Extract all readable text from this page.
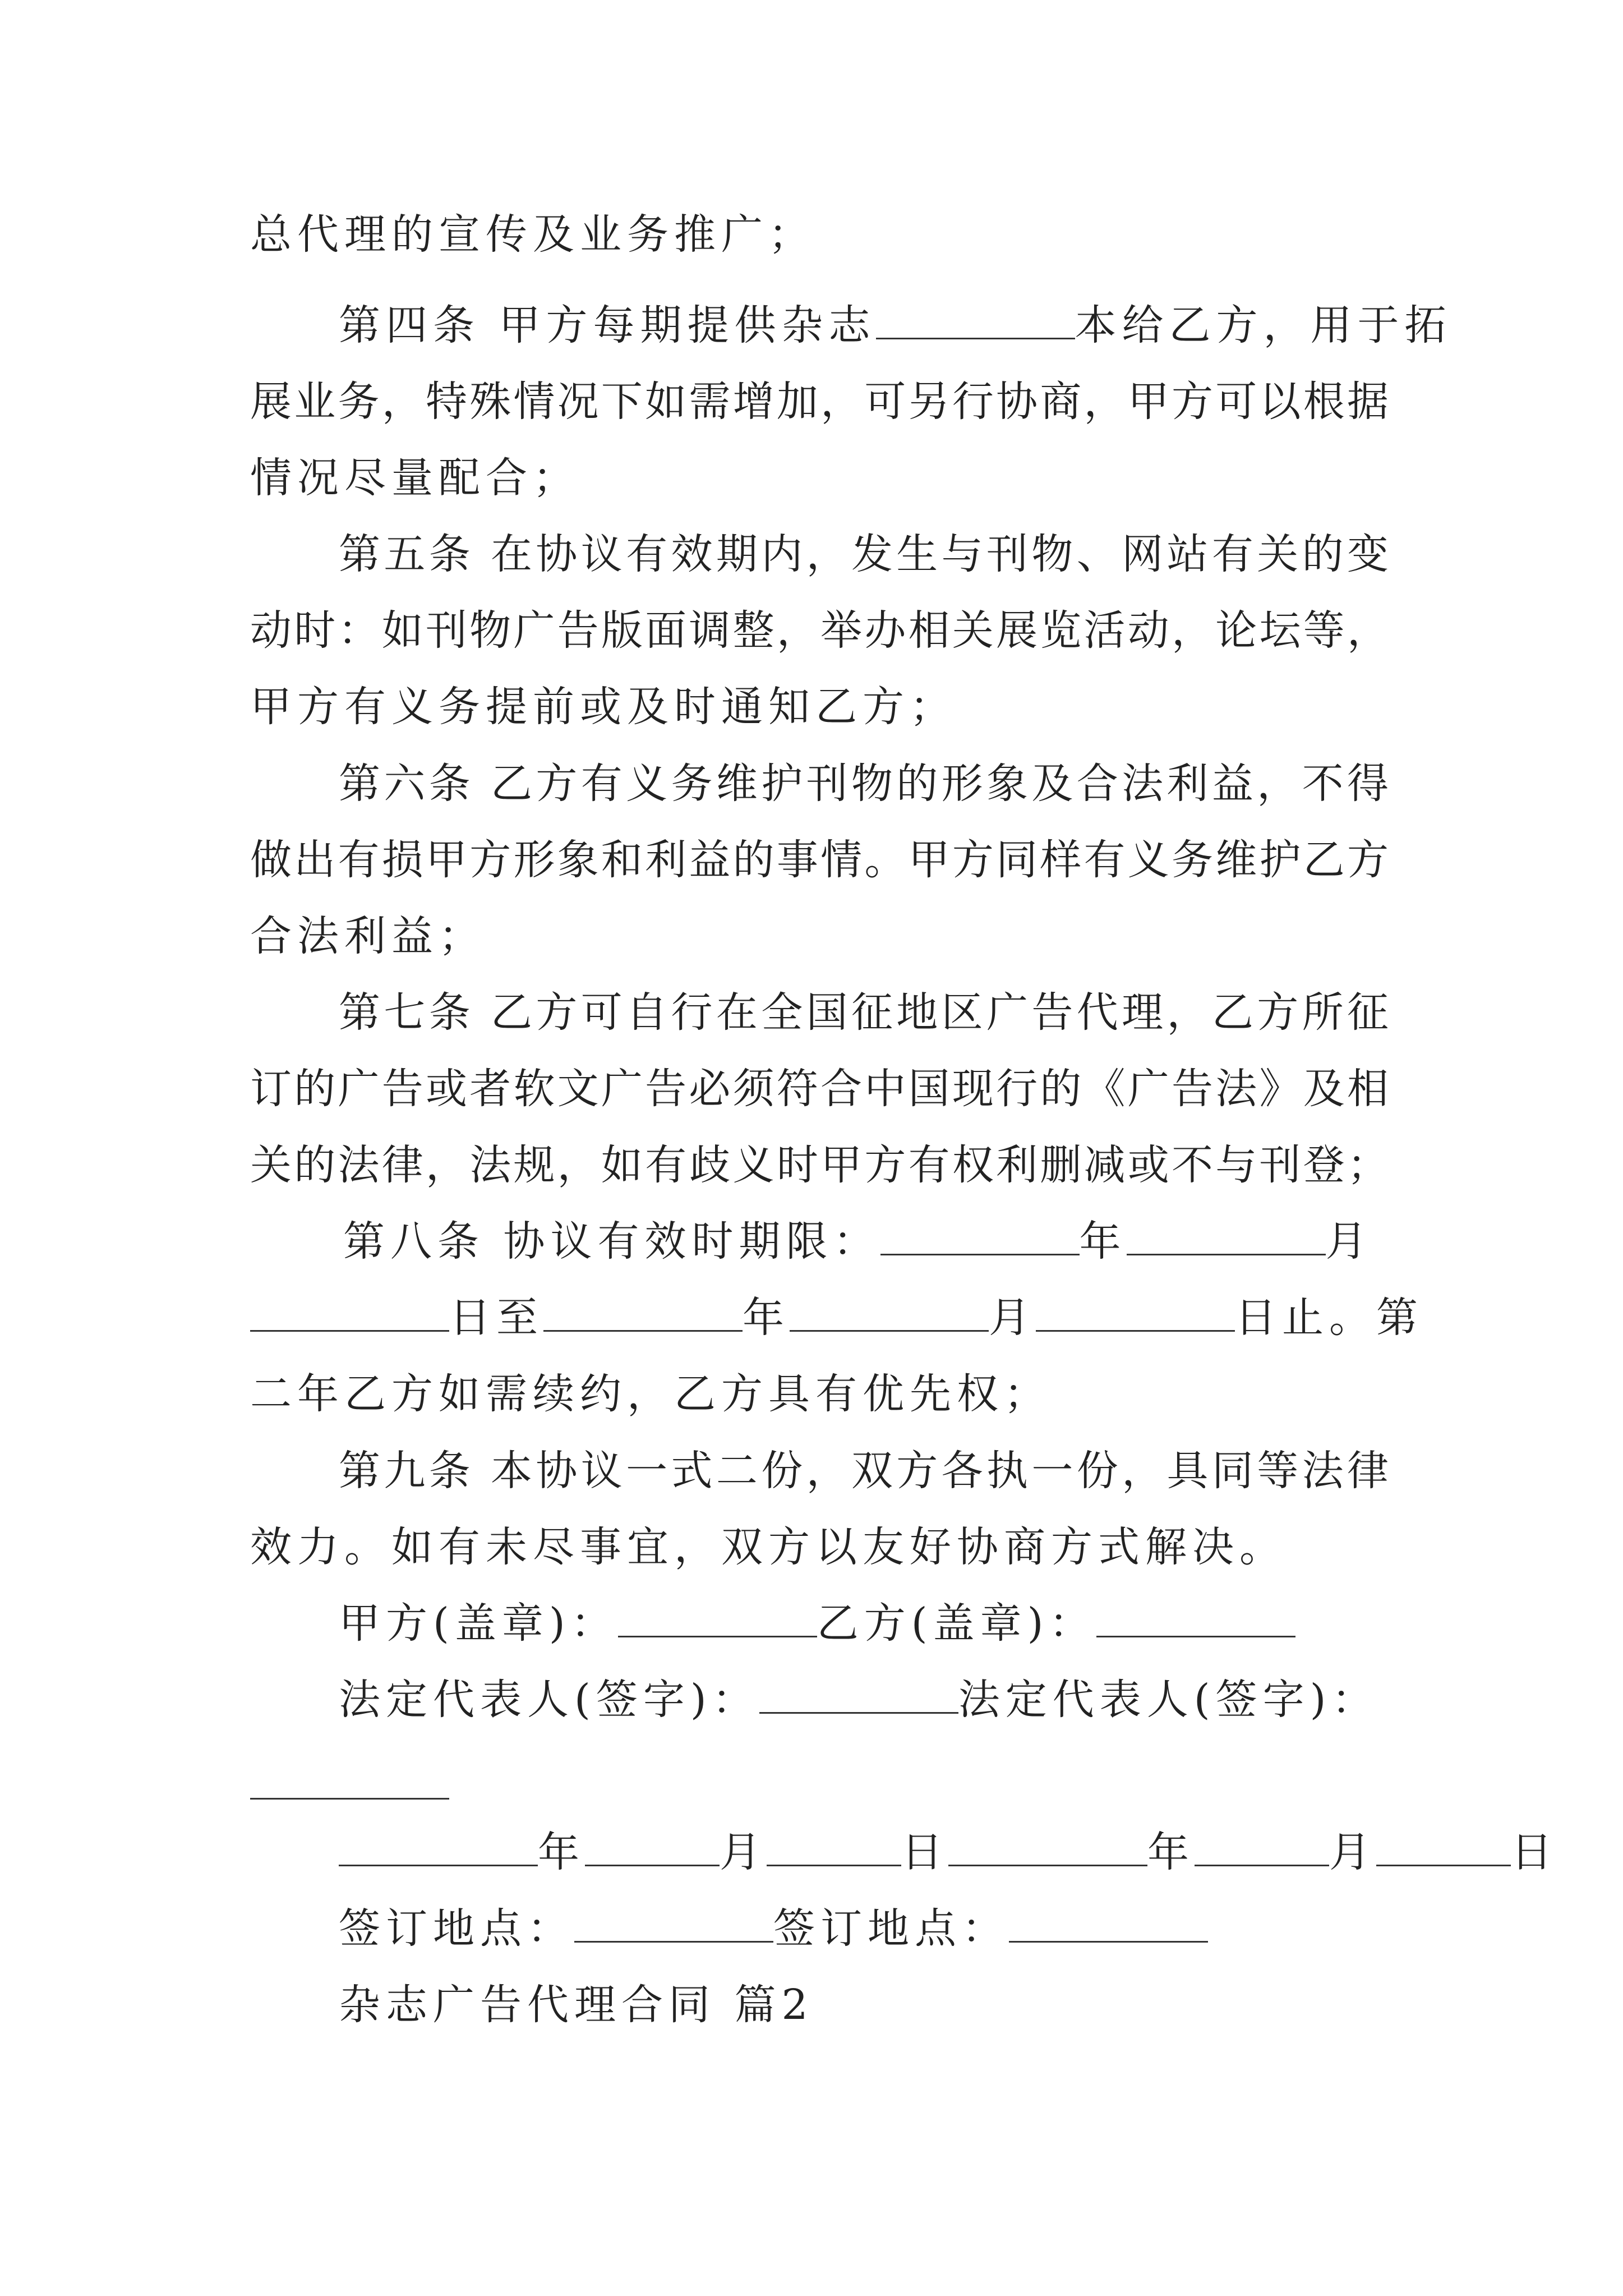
总代理的宣传及业务推广；
第四条 甲方每期提供杂志	本给乙方，用于拓
展业务，特殊情况下如需增加，可另行协商，甲方可以根据
情况尽量配合；
第五条 在协议有效期内，发生与刊物、网站有关的变
动时：如刊物广告版面调整，举办相关展览活动，论坛等，
甲方有义务提前或及时通知乙方；
第六条 乙方有义务维护刊物的形象及合法利益，不得
做出有损甲方形象和利益的事情。甲方同样有义务维护乙方
合法利益；
第七条 乙方可自行在全国征地区广告代理，乙方所征
订的广告或者软文广告必须符合中国现行的《广告法》及相
关的法律，法规，如有歧义时甲方有权利删减或不与刊登；
第八条 协议有效时期限：	年	月
日至	年	月	日止。第
二年乙方如需续约，乙方具有优先权；
第九条 本协议一式二份，双方各执一份，具同等法律
效力。如有未尽事宜，双方以友好协商方式解决。
甲方(盖章)：	乙方(盖章)：
法定代表人(签字)：	法定代表人(签字)：
年	月	日	年	月	日
签订地点：	签订地点：
杂志广告代理合同 篇2
